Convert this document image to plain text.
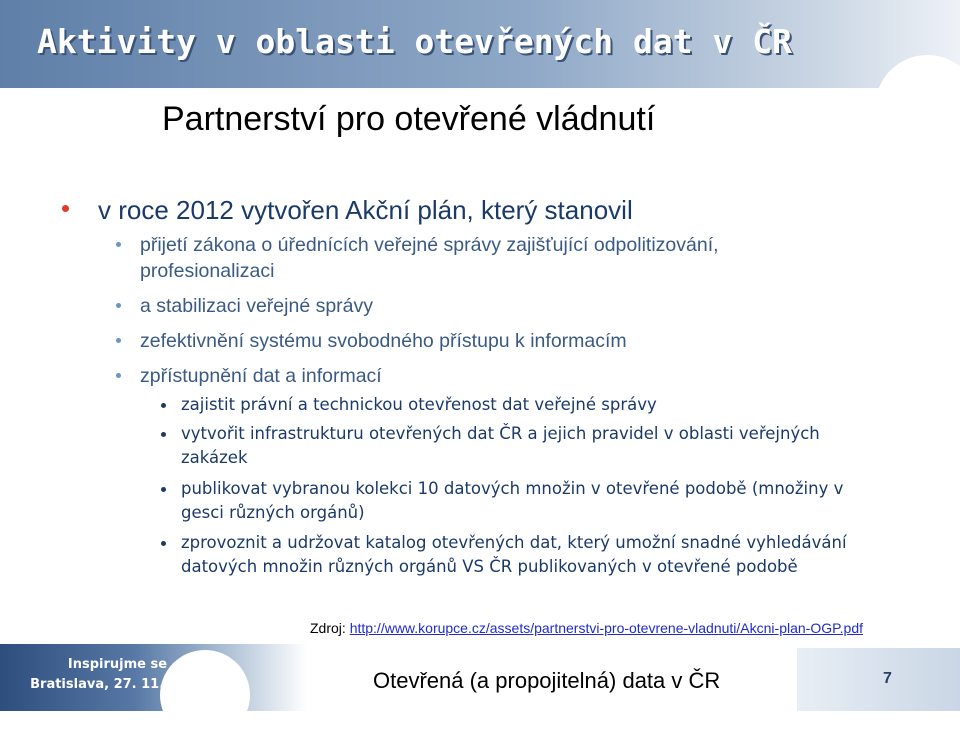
Aktivity v oblasti otevřených dat v ČR
Partnerství pro otevřené vládnutí
v roce 2012 vytvořen Akční plán, který stanovil
přijetí zákona o úřednících veřejné správy zajišťující odpolitizování,
profesionalizaci
a stabilizaci veřejné správy
zefektivnění systému svobodného přístupu k informacím
zpřístupnění dat a informací
zajistit právní a technickou otevřenost dat veřejné správy
vytvořit infrastrukturu otevřených dat ČR a jejich pravidel v oblasti veřejných zakázek
publikovat vybranou kolekci 10 datových množin v otevřené podobě (množiny v gesci různých orgánů)
zprovoznit a udržovat katalog otevřených dat, který umožní snadné vyhledávání datových množin různých orgánů VS ČR publikovaných v otevřené podobě
Zdroj: http://www.korupce.cz/assets/partnerstvi-pro-otevrene-vladnuti/Akcni-plan-OGP.pdf
Inspirujme se
Bratislava, 27. 11. 2013	Otevřená (a propojitelná) data v ČR	7
